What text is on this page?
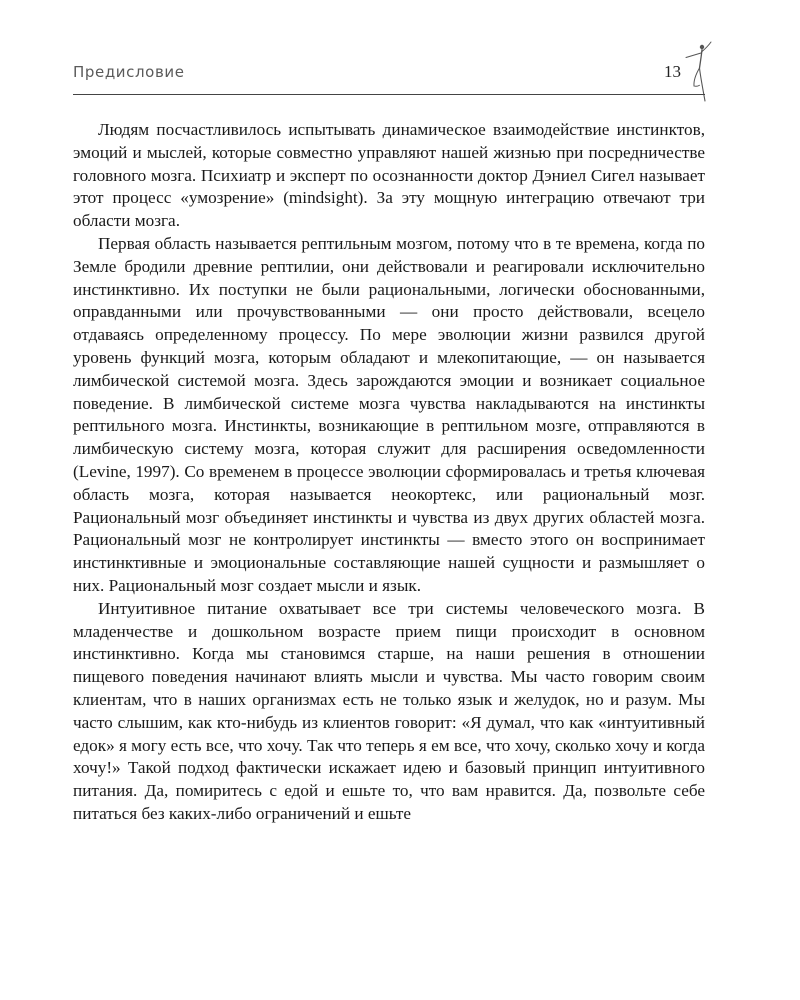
Предисловие	13

Людям посчастливилось испытывать динамическое взаимодействие инстинктов, эмоций и мыслей, которые совместно управляют нашей жизнью при посредничестве головного мозга. Психиатр и эксперт по осознанности доктор Дэниел Сигел называет этот процесс «умозрение» (mindsight). За эту мощную интеграцию отвечают три области мозга.

Первая область называется рептильным мозгом, потому что в те времена, когда по Земле бродили древние рептилии, они действовали и реагировали исключительно инстинктивно. Их поступки не были рациональными, логически обоснованными, оправданными или прочувствованными — они просто действовали, всецело отдаваясь определенному процессу. По мере эволюции жизни развился другой уровень функций мозга, которым обладают и млекопитающие, — он называется лимбической системой мозга. Здесь зарождаются эмоции и возникает социальное поведение. В лимбической системе мозга чувства накладываются на инстинкты рептильного мозга. Инстинкты, возникающие в рептильном мозге, отправляются в лимбическую систему мозга, которая служит для расширения осведомленности (Levine, 1997). Со временем в процессе эволюции сформировалась и третья ключевая область мозга, которая называется неокортекс, или рациональный мозг. Рациональный мозг объединяет инстинкты и чувства из двух других областей мозга. Рациональный мозг не контролирует инстинкты — вместо этого он воспринимает инстинктивные и эмоциональные составляющие нашей сущности и размышляет о них. Рациональный мозг создает мысли и язык.

Интуитивное питание охватывает все три системы человеческого мозга. В младенчестве и дошкольном возрасте прием пищи происходит в основном инстинктивно. Когда мы становимся старше, на наши решения в отношении пищевого поведения начинают влиять мысли и чувства. Мы часто говорим своим клиентам, что в наших организмах есть не только язык и желудок, но и разум. Мы часто слышим, как кто-нибудь из клиентов говорит: «Я думал, что как «интуитивный едок» я могу есть все, что хочу. Так что теперь я ем все, что хочу, сколько хочу и когда хочу!» Такой подход фактически искажает идею и базовый принцип интуитивного питания. Да, помиритесь с едой и ешьте то, что вам нравится. Да, позвольте себе питаться без каких-либо ограничений и ешьте
